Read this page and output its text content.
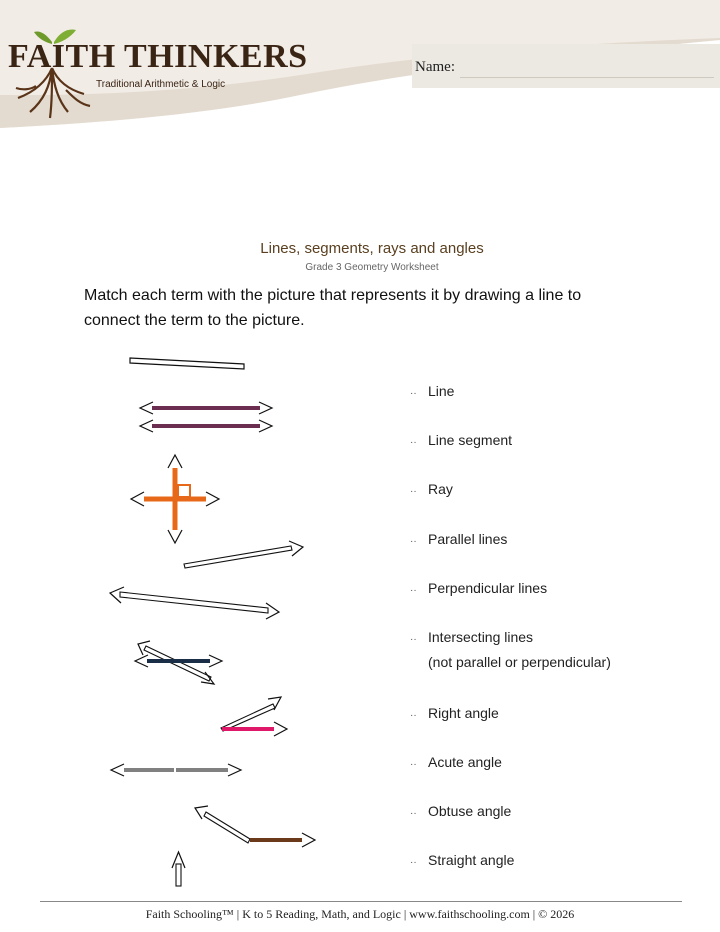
FAITH THINKERS
Traditional Arithmetic & Logic
Name:
Lines, segments, rays and angles
Grade 3 Geometry Worksheet
Match each term with the picture that represents it by drawing a line to connect the term to the picture.
·· Line
·· Line segment
·· Ray
·· Parallel lines
·· Perpendicular lines
·· Intersecting lines
(not parallel or perpendicular)
·· Right angle
·· Acute angle
·· Obtuse angle
·· Straight angle
Faith Schooling™ | K to 5 Reading, Math, and Logic | www.faithschooling.com | © 2026
